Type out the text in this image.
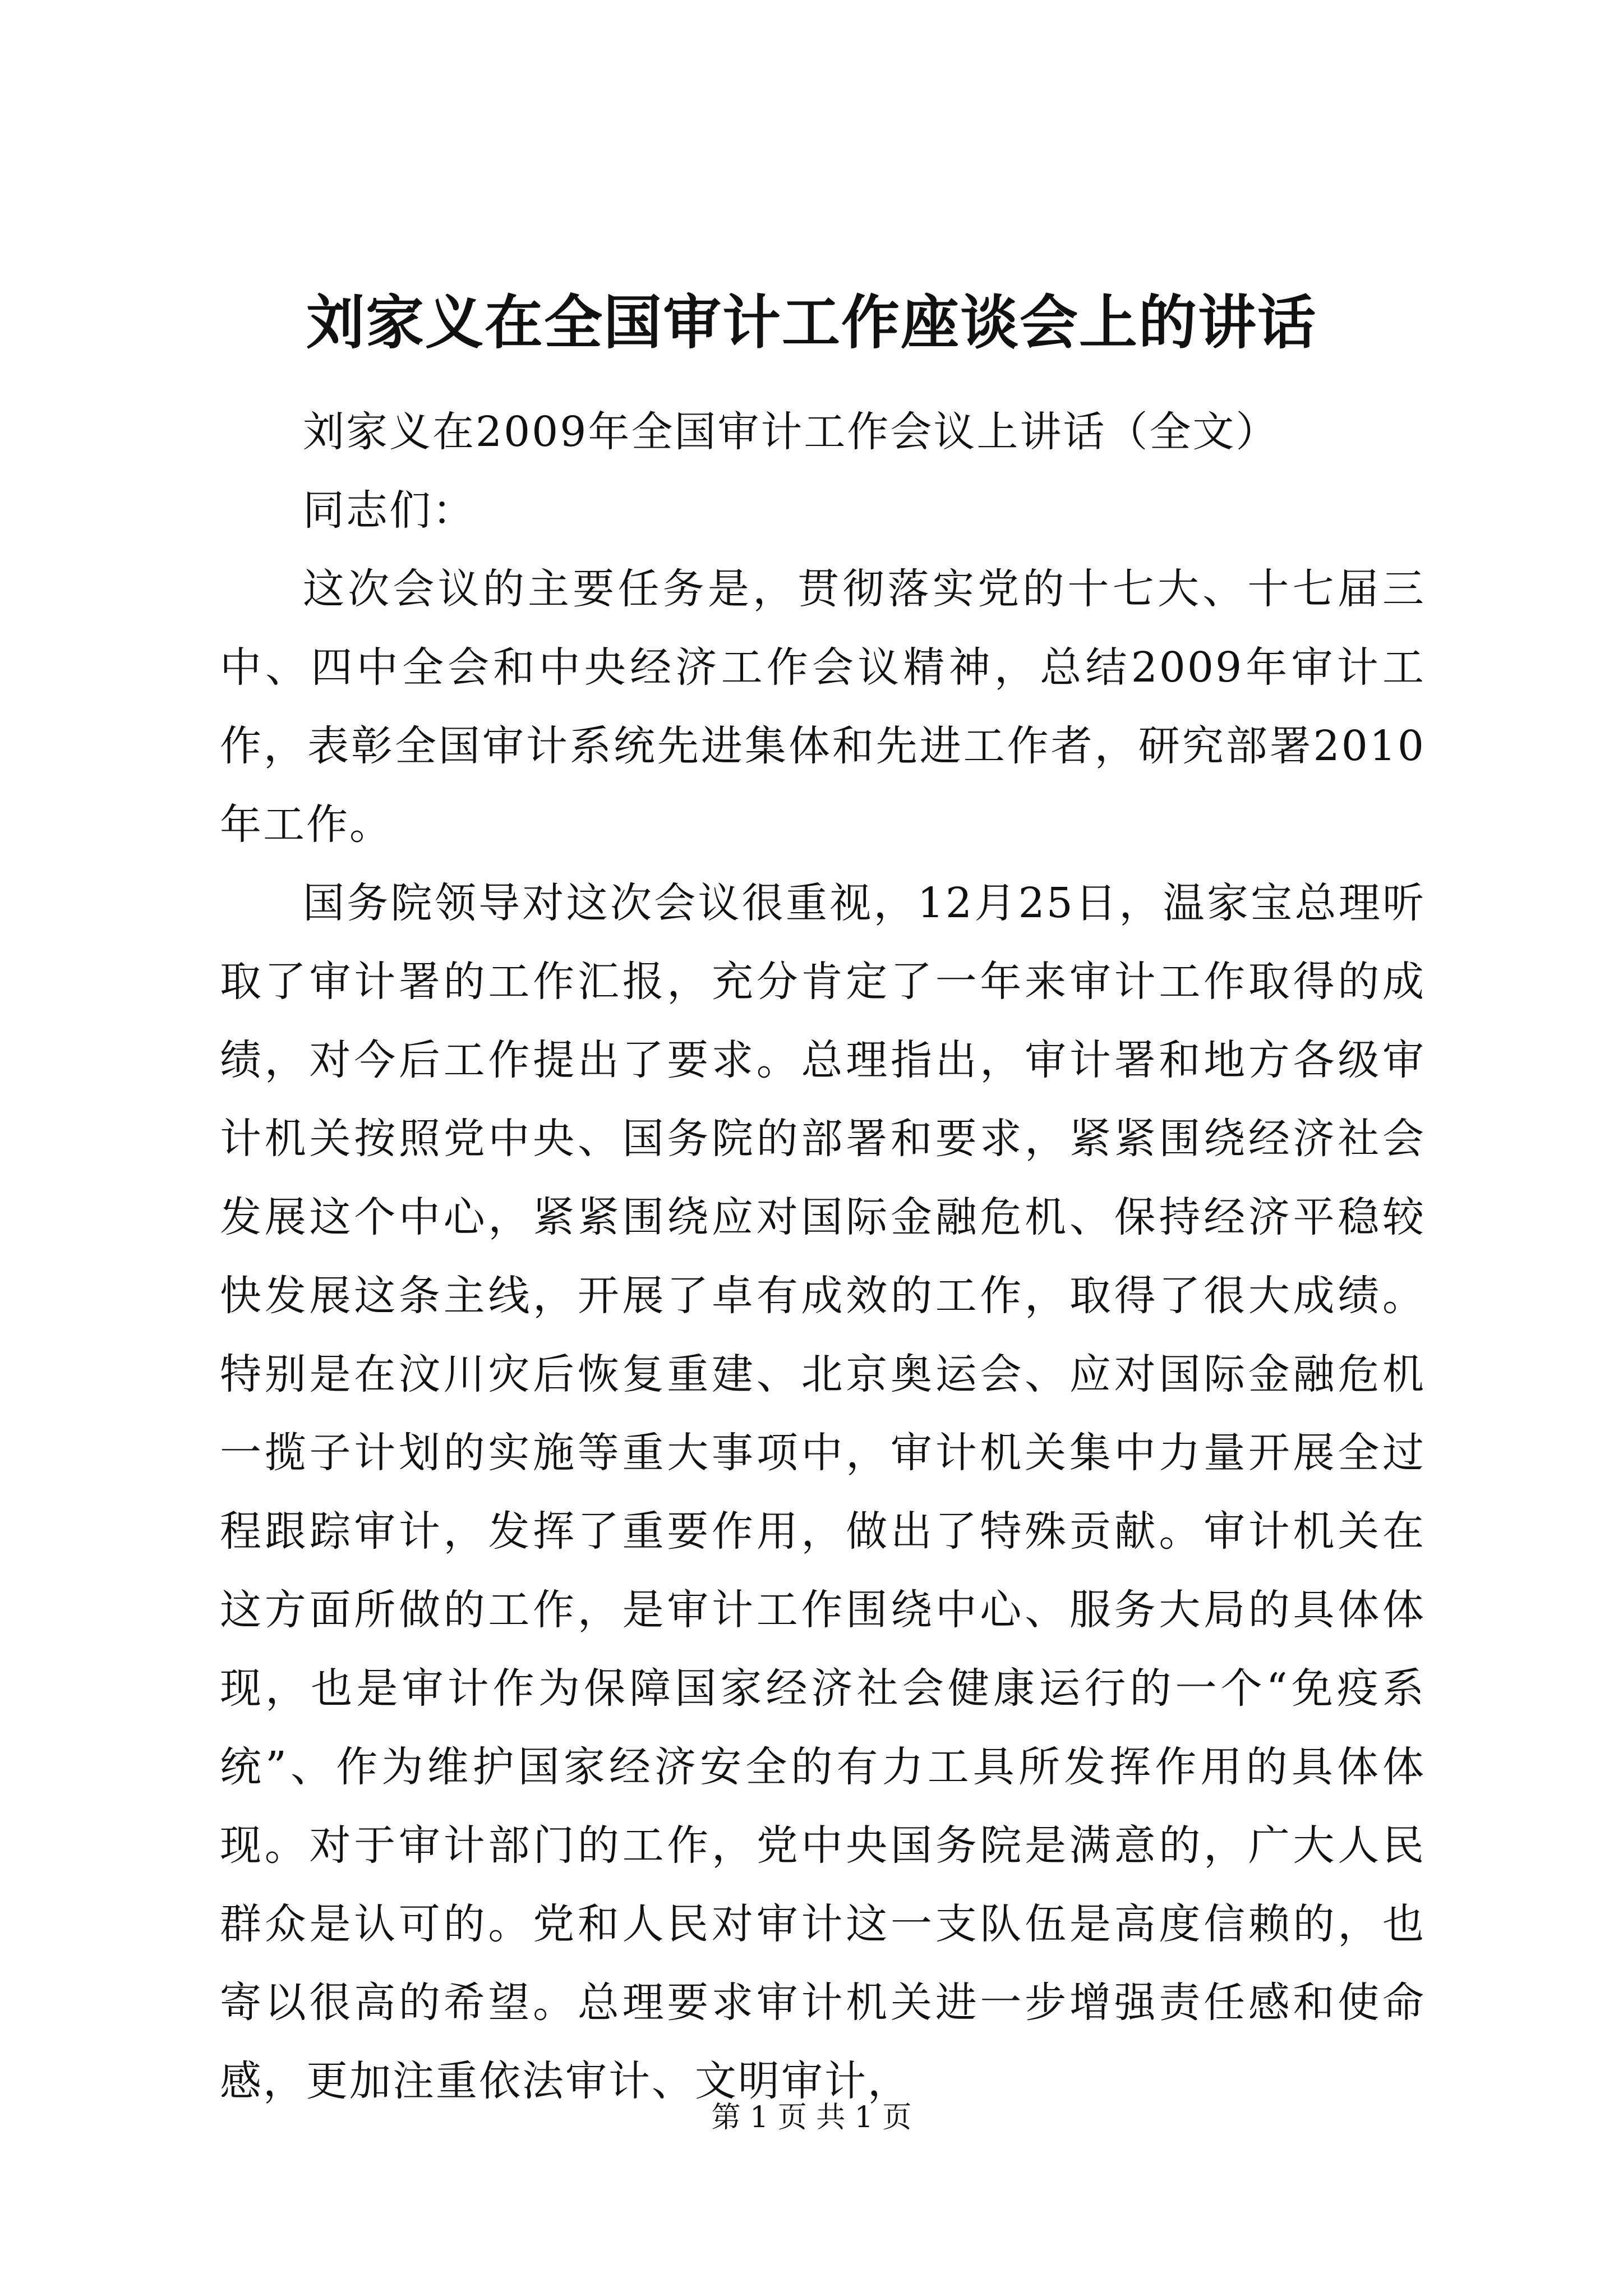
刘家义在全国审计工作座谈会上的讲话

刘家义在2009年全国审计工作会议上讲话（全文）

同志们：

这次会议的主要任务是，贯彻落实党的十七大、十七届三中、四中全会和中央经济工作会议精神，总结2009年审计工作，表彰全国审计系统先进集体和先进工作者，研究部署2010年工作。

国务院领导对这次会议很重视，12月25日，温家宝总理听取了审计署的工作汇报，充分肯定了一年来审计工作取得的成绩，对今后工作提出了要求。总理指出，审计署和地方各级审计机关按照党中央、国务院的部署和要求，紧紧围绕经济社会发展这个中心，紧紧围绕应对国际金融危机、保持经济平稳较快发展这条主线，开展了卓有成效的工作，取得了很大成绩。特别是在汶川灾后恢复重建、北京奥运会、应对国际金融危机一揽子计划的实施等重大事项中，审计机关集中力量开展全过程跟踪审计，发挥了重要作用，做出了特殊贡献。审计机关在这方面所做的工作，是审计工作围绕中心、服务大局的具体体现，也是审计作为保障国家经济社会健康运行的一个“免疫系统”、作为维护国家经济安全的有力工具所发挥作用的具体体现。对于审计部门的工作，党中央国务院是满意的，广大人民群众是认可的。党和人民对审计这一支队伍是高度信赖的，也寄以很高的希望。总理要求审计机关进一步增强责任感和使命感，更加注重依法审计、文明审计，

第 1 页 共 1 页
